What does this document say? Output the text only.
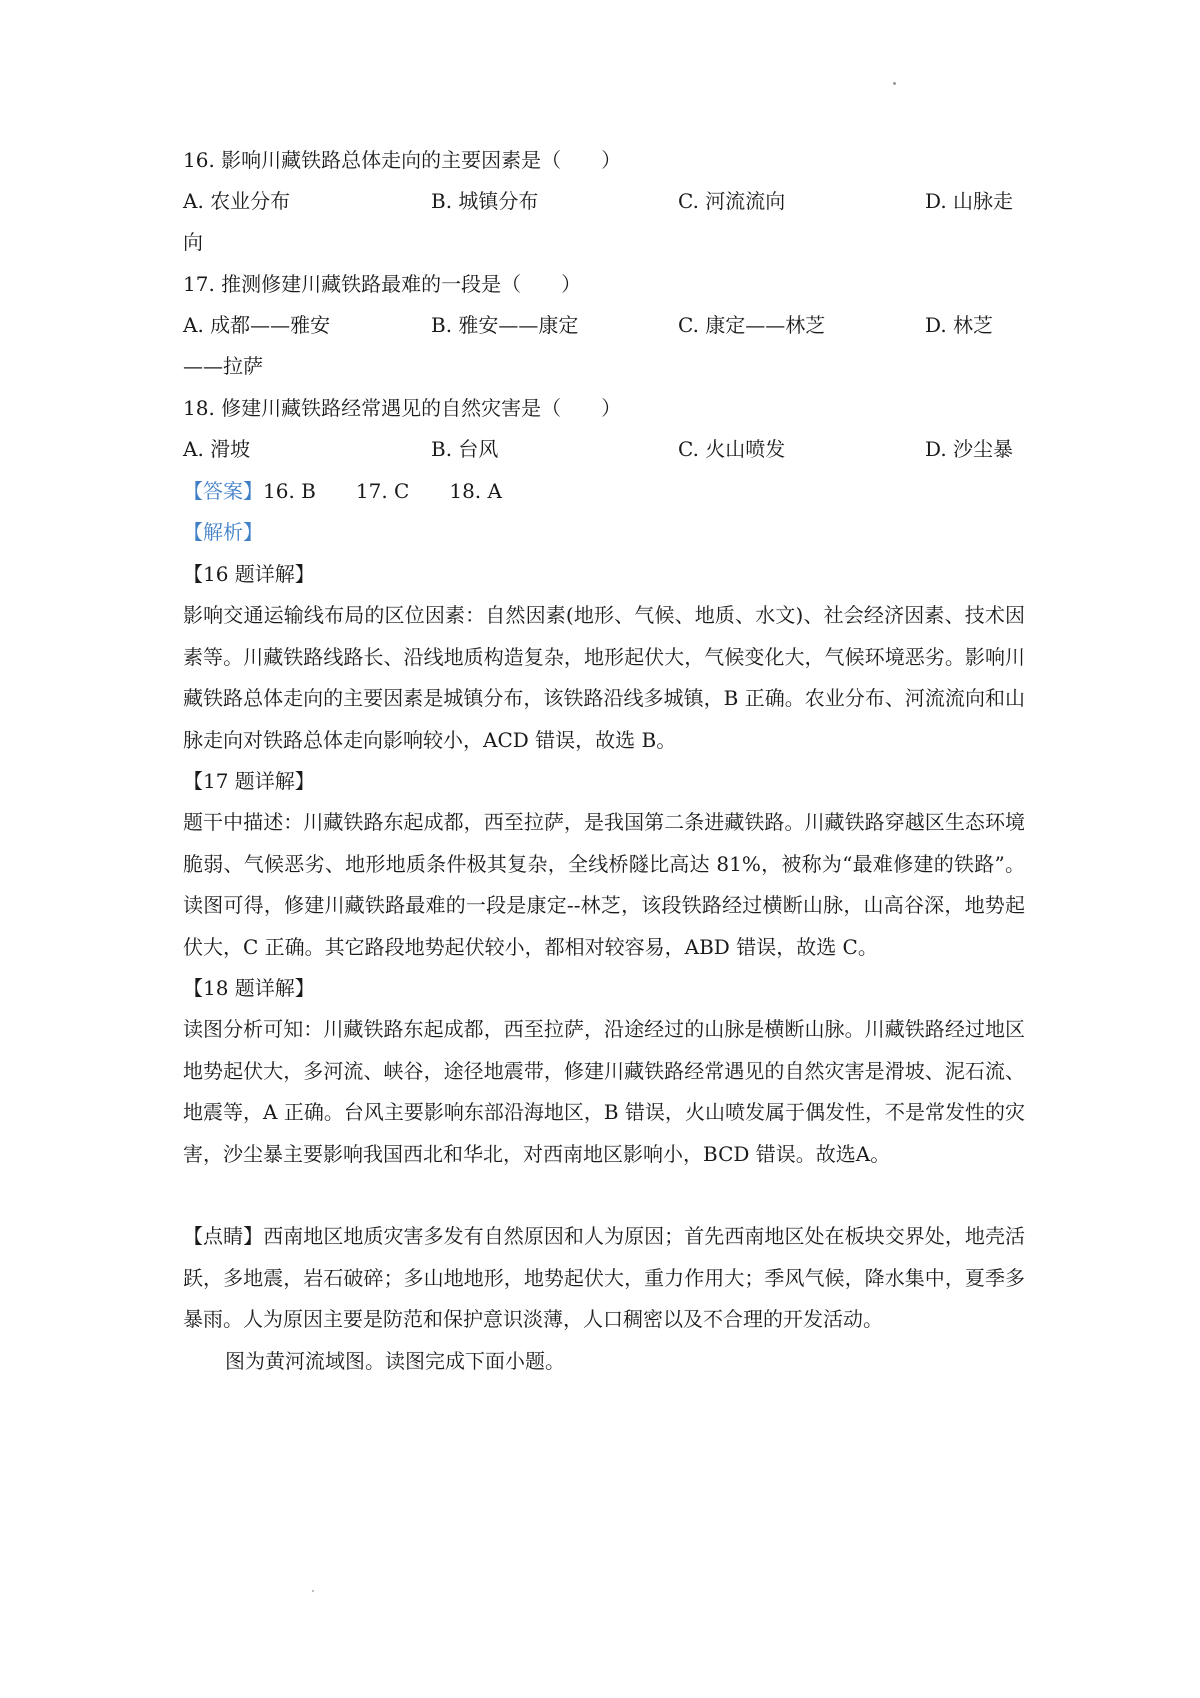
16. 影响川藏铁路总体走向的主要因素是（　　）
A. 农业分布	B. 城镇分布	C. 河流流向	D. 山脉走
向
17. 推测修建川藏铁路最难的一段是（　　）
A. 成都——雅安	B. 雅安——康定	C. 康定——林芝	D. 林芝
——拉萨
18. 修建川藏铁路经常遇见的自然灾害是（　　）
A. 滑坡	B. 台风	C. 火山喷发	D. 沙尘暴
【答案】16. B 17. C 18. A
【解析】
【16 题详解】
影响交通运输线布局的区位因素：自然因素(地形、气候、地质、水文)、社会经济因素、技术因素等。川藏铁路线路长、沿线地质构造复杂，地形起伏大，气候变化大，气候环境恶劣。影响川藏铁路总体走向的主要因素是城镇分布，该铁路沿线多城镇，B 正确。农业分布、河流流向和山脉走向对铁路总体走向影响较小，ACD 错误，故选 B。
【17 题详解】
题干中描述：川藏铁路东起成都，西至拉萨，是我国第二条进藏铁路。川藏铁路穿越区生态环境脆弱、气候恶劣、地形地质条件极其复杂，全线桥隧比高达 81%，被称为“最难修建的铁路”。读图可得，修建川藏铁路最难的一段是康定--林芝，该段铁路经过横断山脉，山高谷深，地势起伏大，C 正确。其它路段地势起伏较小，都相对较容易，ABD 错误，故选 C。
【18 题详解】
读图分析可知：川藏铁路东起成都，西至拉萨，沿途经过的山脉是横断山脉。川藏铁路经过地区地势起伏大，多河流、峡谷，途径地震带，修建川藏铁路经常遇见的自然灾害是滑坡、泥石流、地震等，A 正确。台风主要影响东部沿海地区，B 错误，火山喷发属于偶发性，不是常发性的灾害，沙尘暴主要影响我国西北和华北，对西南地区影响小，BCD 错误。故选A。
【点睛】西南地区地质灾害多发有自然原因和人为原因；首先西南地区处在板块交界处，地壳活跃，多地震，岩石破碎；多山地地形，地势起伏大，重力作用大；季风气候，降水集中，夏季多暴雨。人为原因主要是防范和保护意识淡薄，人口稠密以及不合理的开发活动。
图为黄河流域图。读图完成下面小题。
